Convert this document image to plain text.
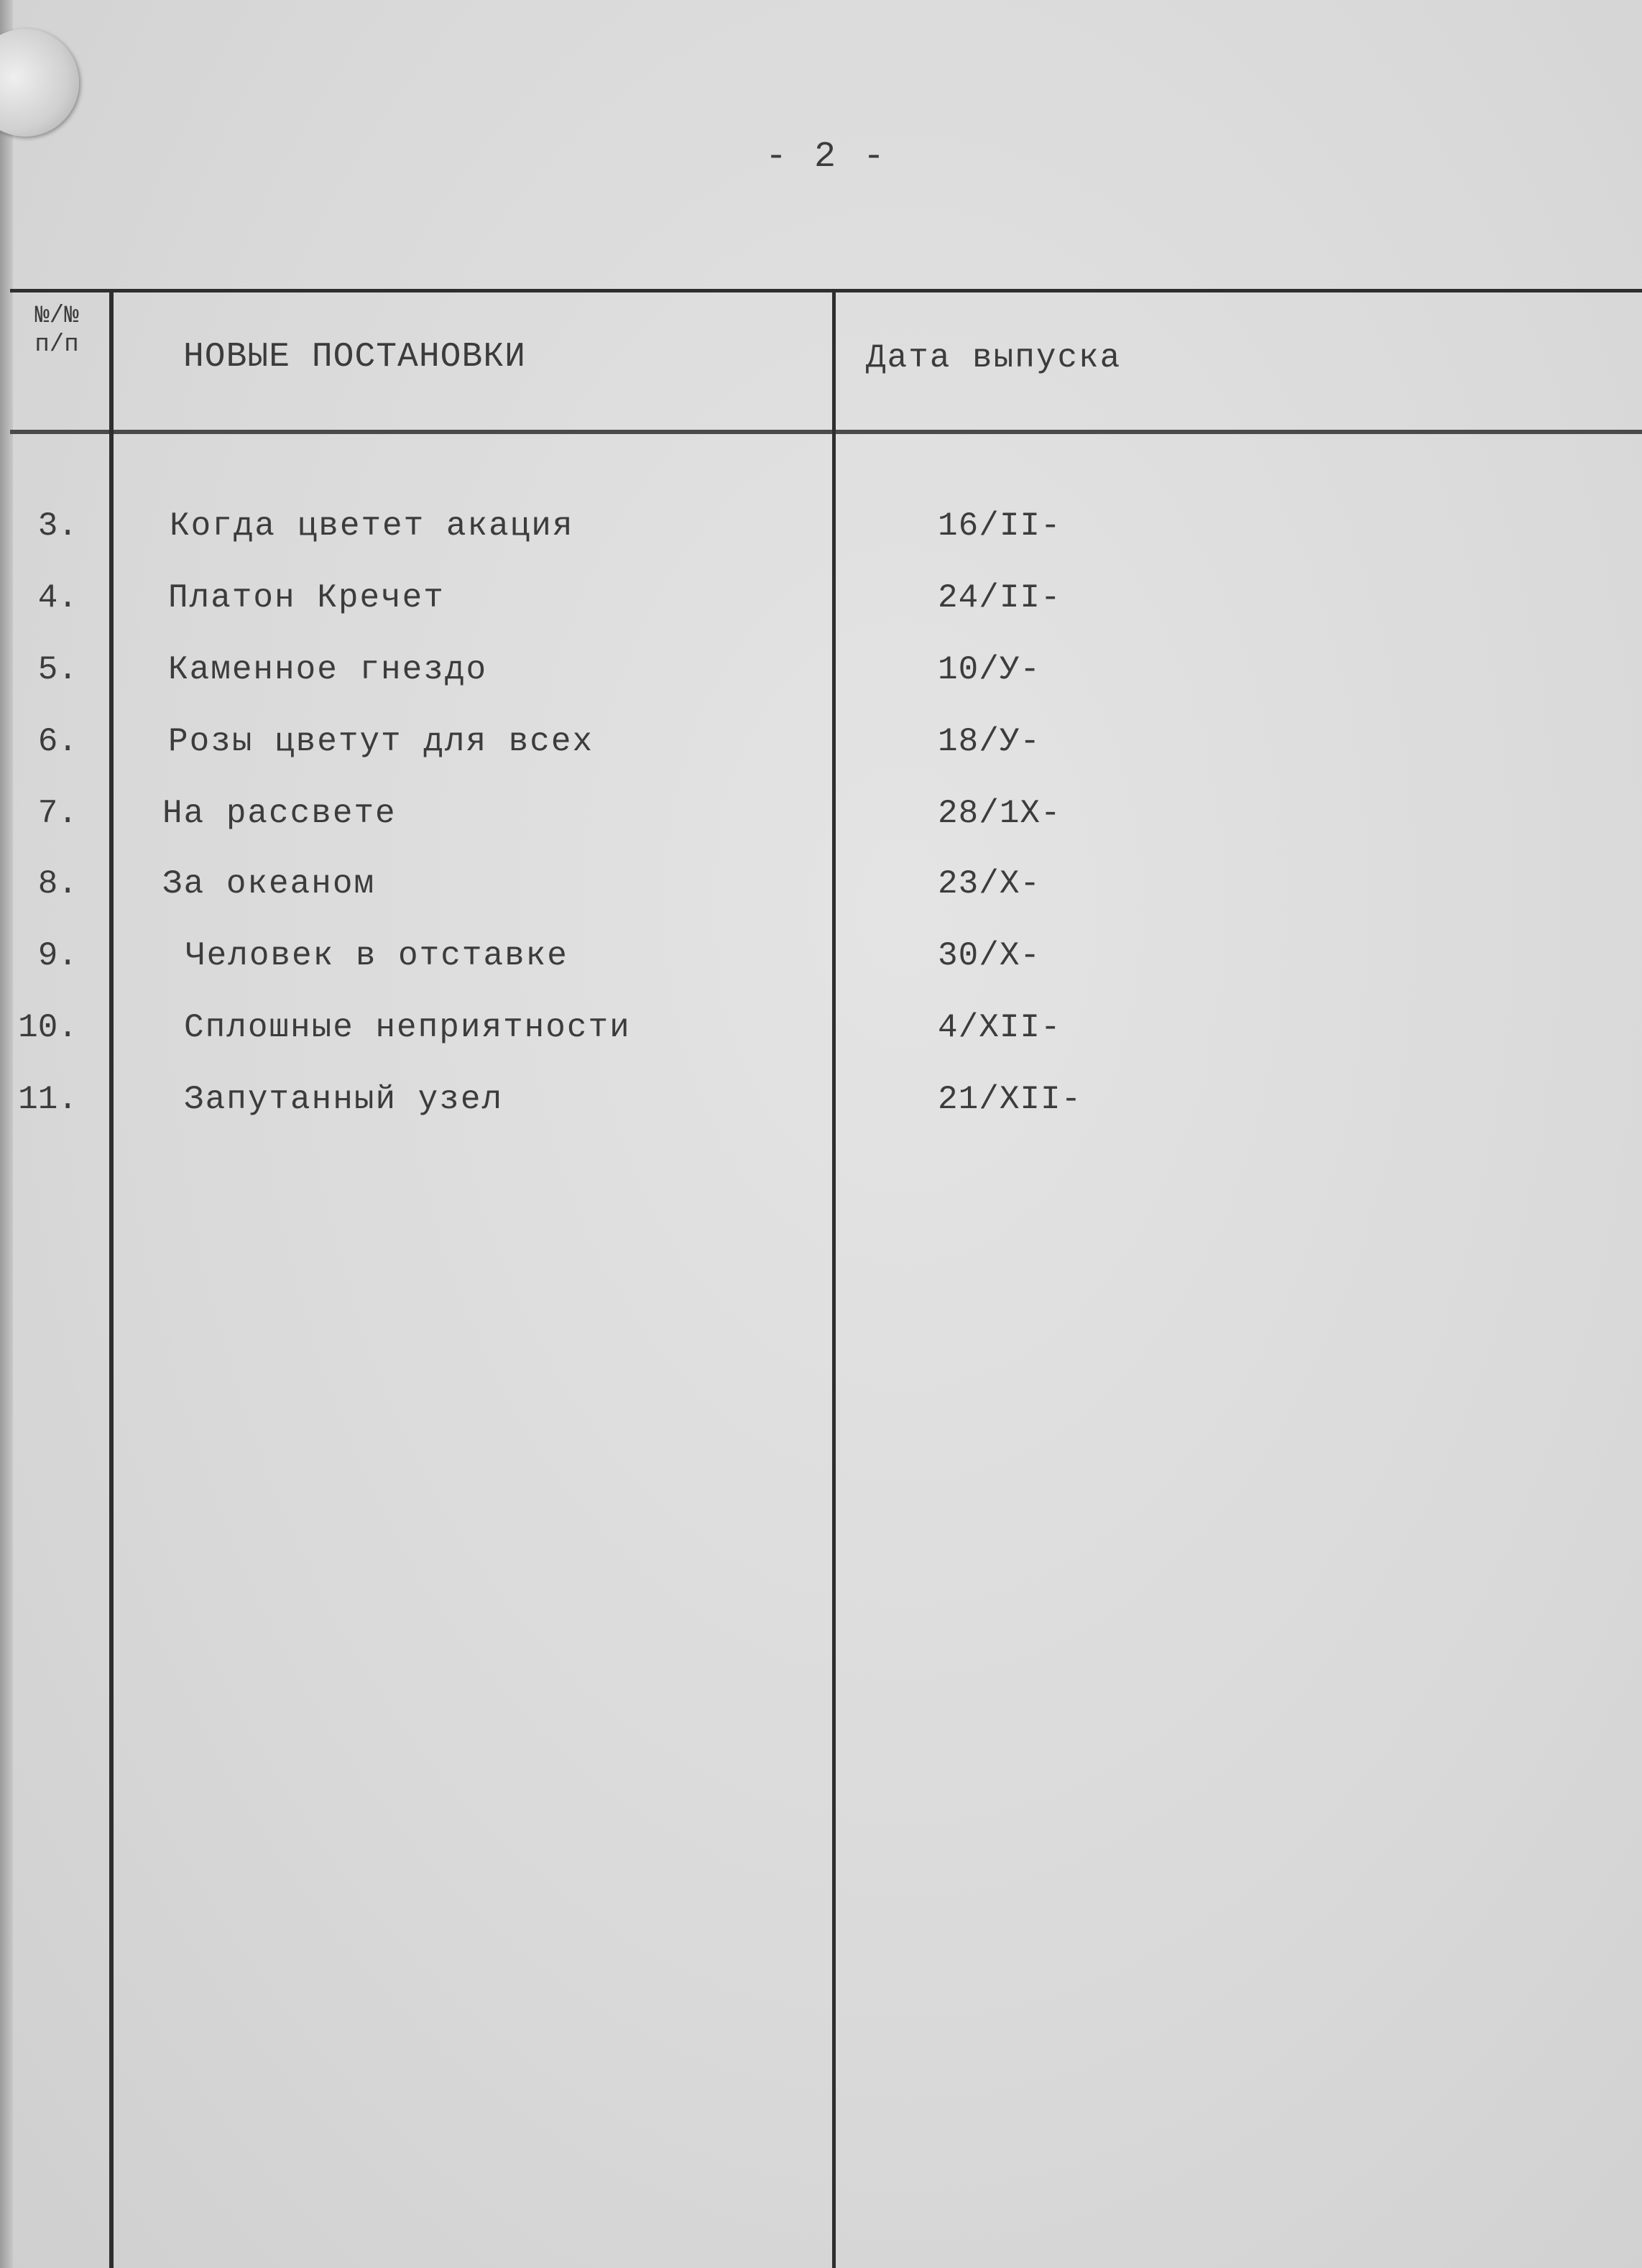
- 2 -
№/№
п/п	НОВЫЕ ПОСТАНОВКИ	Дата выпуска
3.	Когда цветет акация	16/II-
4.	Платон Кречет	24/II-
5.	Каменное гнездо	10/У-
6.	Розы цветут для всех	18/У-
7.	На рассвете	28/1Х-
8.	За океаном	23/Х-
9.	Человек в отставке	30/Х-
10.	Сплошные неприятности	4/ХII-
11.	Запутанный узел	21/ХII-
